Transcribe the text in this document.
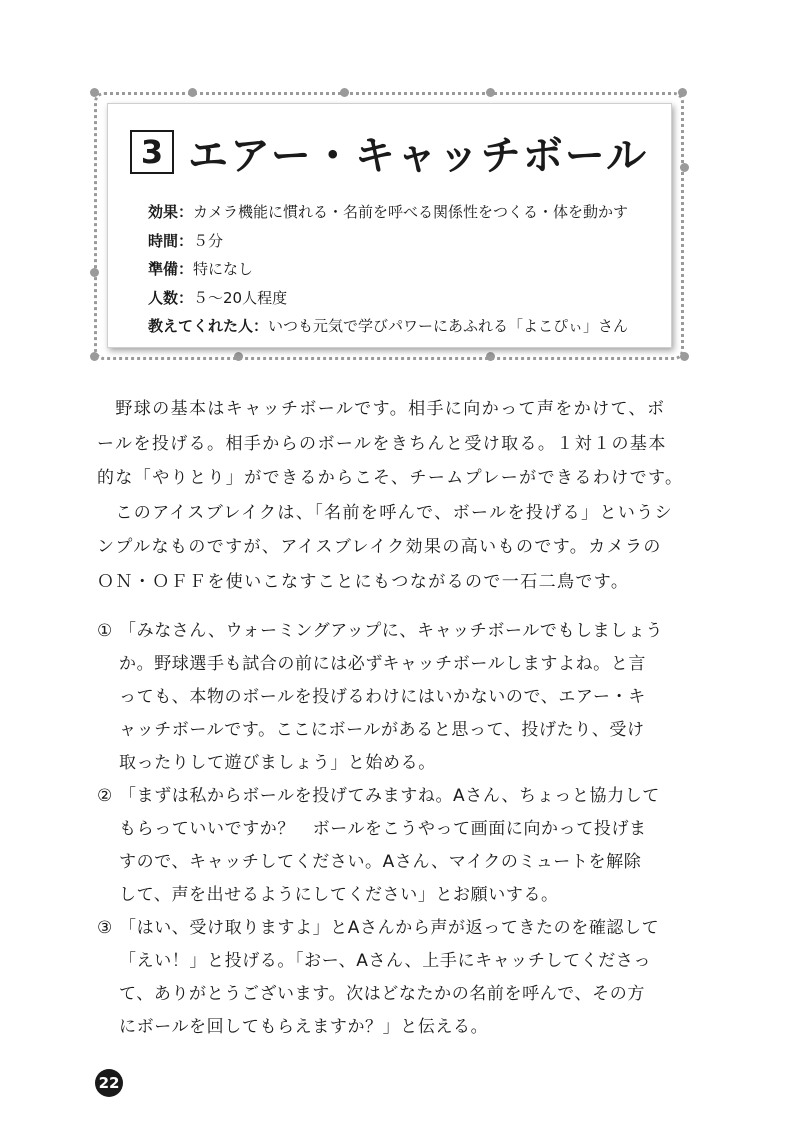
3 エアー・キャッチボール
効果：カメラ機能に慣れる・名前を呼べる関係性をつくる・体を動かす
時間：５分
準備：特になし
人数：５～20人程度
教えてくれた人：いつも元気で学びパワーにあふれる「よこぴぃ」さん

　野球の基本はキャッチボールです。相手に向かって声をかけて、ボ

ールを投げる。相手からのボールをきちんと受け取る。１対１の基本

的な「やりとり」ができるからこそ、チームプレーができるわけです。

　このアイスブレイクは、「名前を呼んで、ボールを投げる」というシ

ンプルなものですが、アイスブレイク効果の高いものです。カメラの

ＯＮ・ＯＦＦを使いこなすことにもつながるので一石二鳥です。

① 「みなさん、ウォーミングアップに、キャッチボールでもしましょう
か。野球選手も試合の前には必ずキャッチボールしますよね。と言
っても、本物のボールを投げるわけにはいかないので、エアー・キ
ャッチボールです。ここにボールがあると思って、投げたり、受け
取ったりして遊びましょう」と始める。
② 「まずは私からボールを投げてみますね。Aさん、ちょっと協力して
もらっていいですか？　ボールをこうやって画面に向かって投げま
すので、キャッチしてください。Aさん、マイクのミュートを解除
して、声を出せるようにしてください」とお願いする。
③ 「はい、受け取りますよ」とAさんから声が返ってきたのを確認して
「えい！」と投げる。「おー、Aさん、上手にキャッチしてくださっ
て、ありがとうございます。次はどなたかの名前を呼んで、その方
にボールを回してもらえますか？」と伝える。
22
